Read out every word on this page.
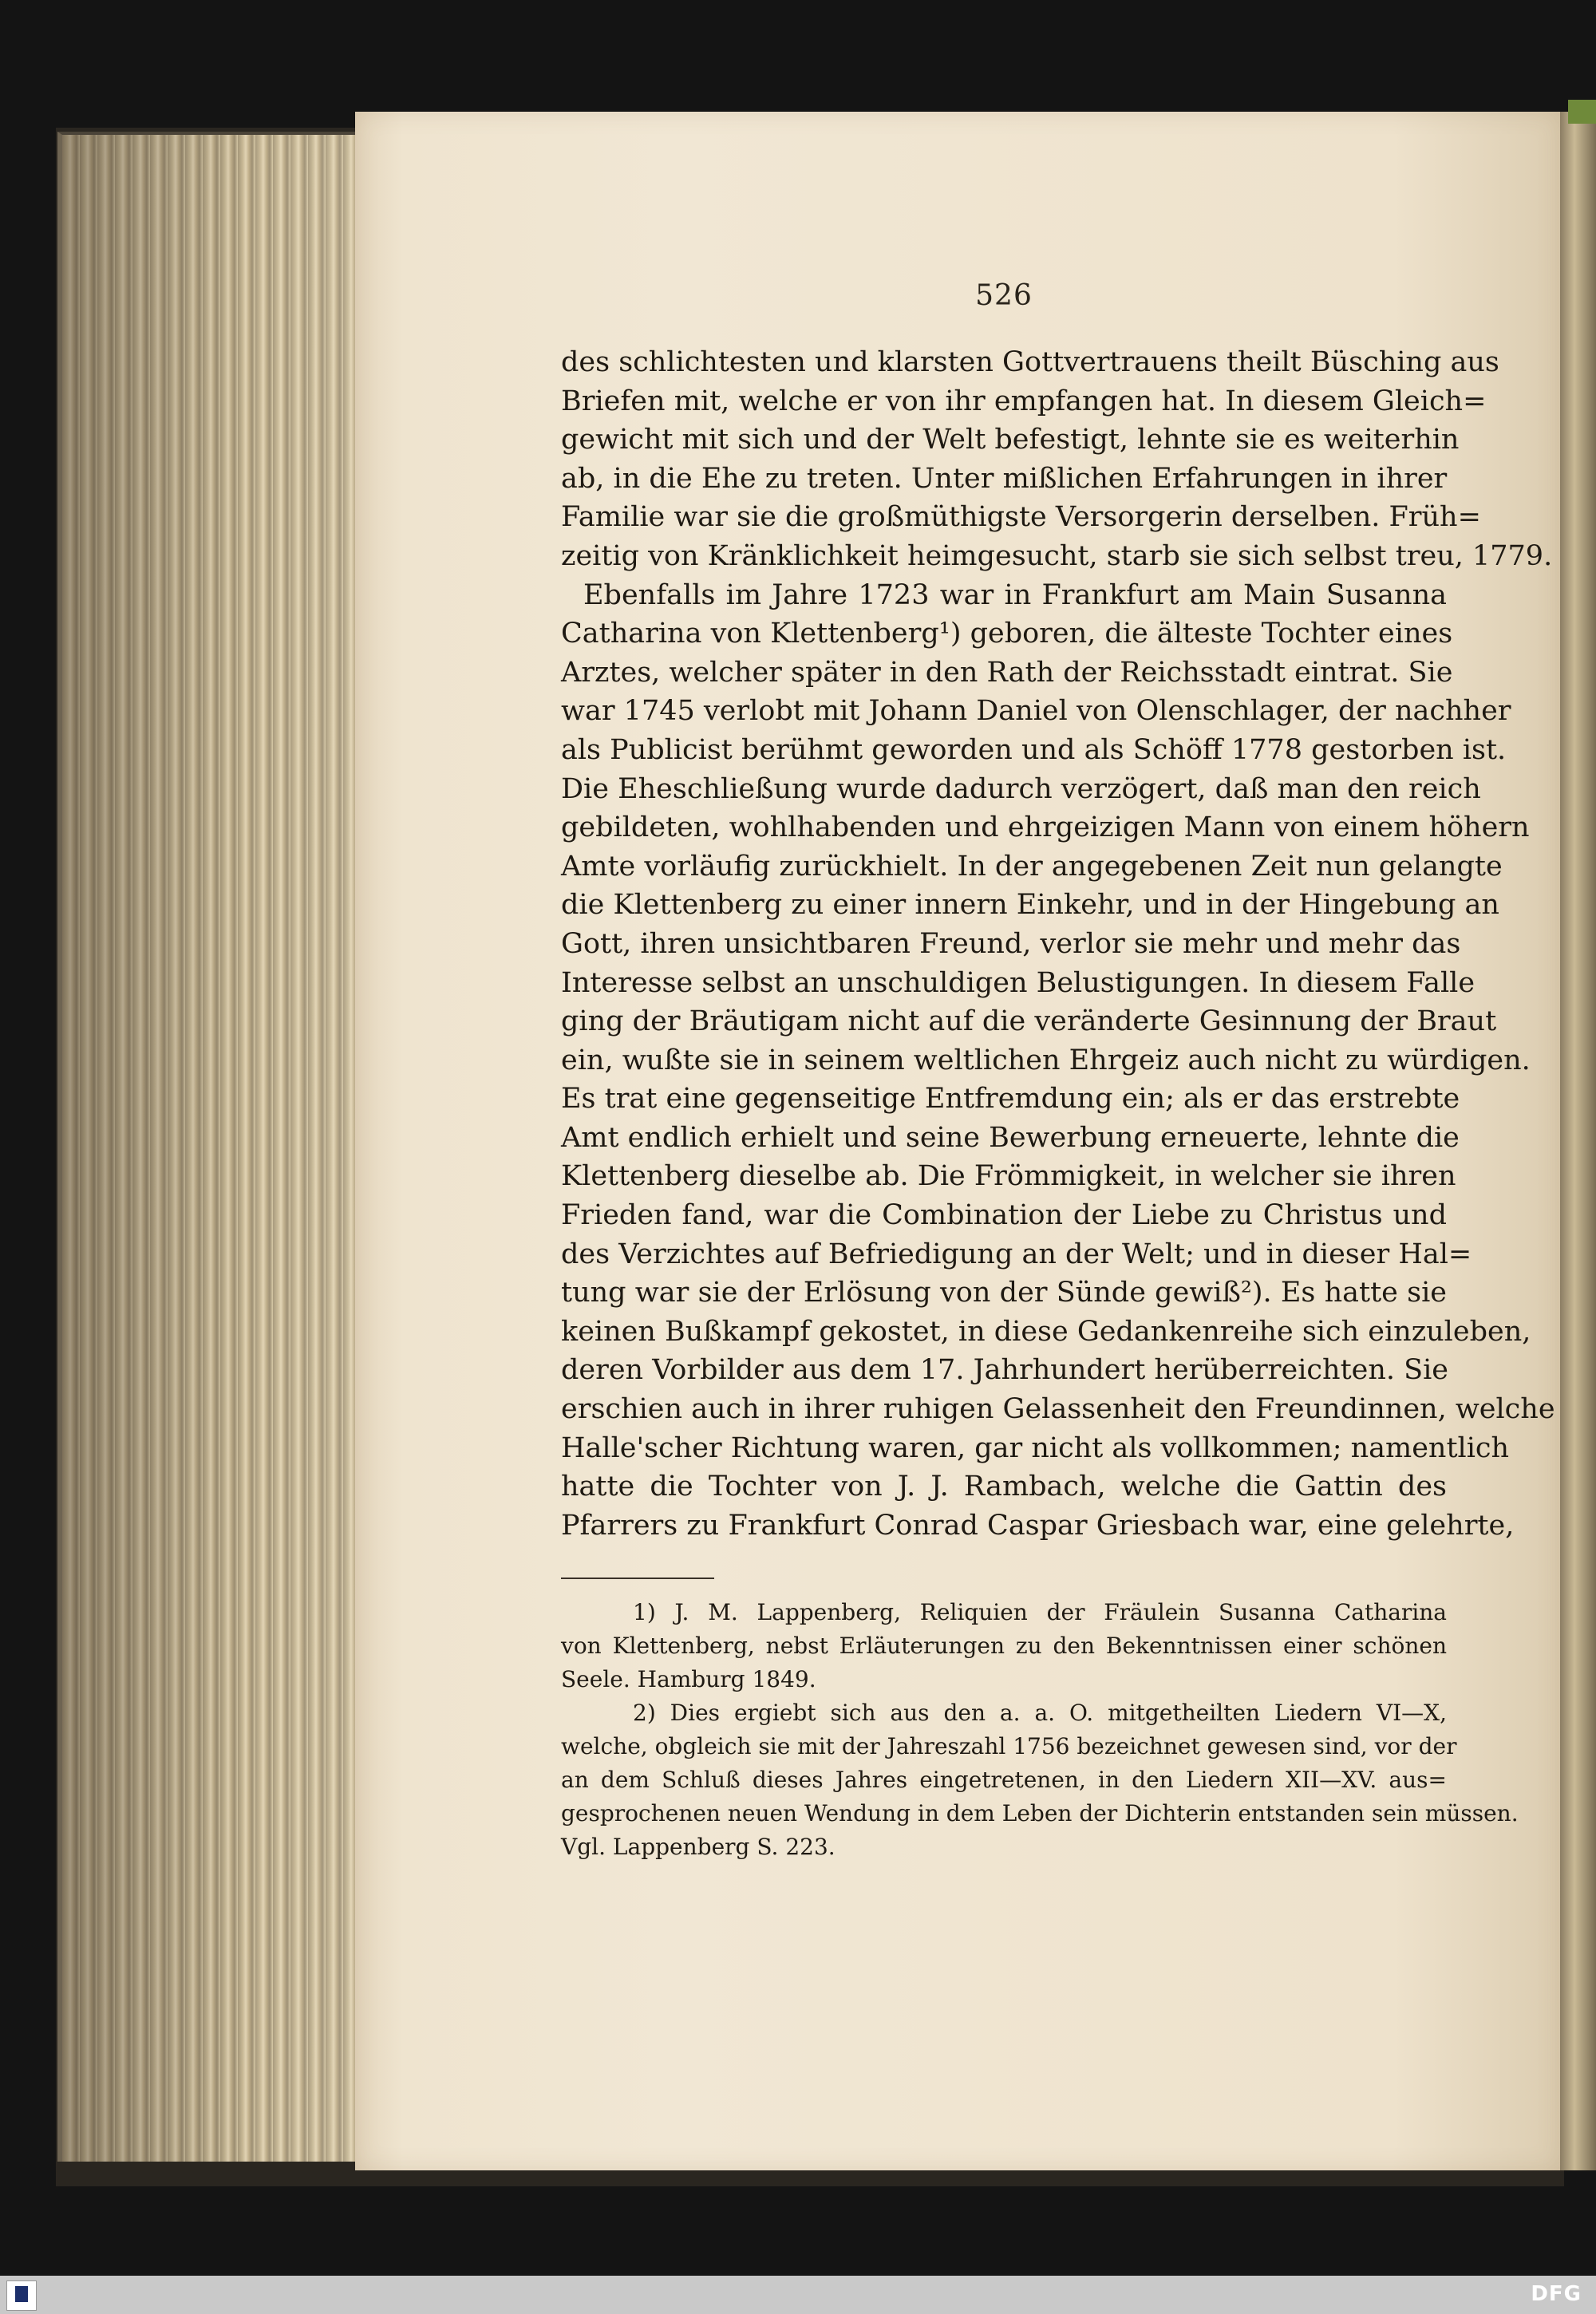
526
des schlichtesten und klarsten Gottvertrauens theilt Büsching aus
Briefen mit, welche er von ihr empfangen hat. In diesem Gleich=
gewicht mit sich und der Welt befestigt, lehnte sie es weiterhin
ab, in die Ehe zu treten. Unter mißlichen Erfahrungen in ihrer
Familie war sie die großmüthigste Versorgerin derselben. Früh=
zeitig von Kränklichkeit heimgesucht, starb sie sich selbst treu, 1779.
Ebenfalls im Jahre 1723 war in Frankfurt am Main Susanna
Catharina von Klettenberg¹) geboren, die älteste Tochter eines
Arztes, welcher später in den Rath der Reichsstadt eintrat. Sie
war 1745 verlobt mit Johann Daniel von Olenschlager, der nachher
als Publicist berühmt geworden und als Schöff 1778 gestorben ist.
Die Eheschließung wurde dadurch verzögert, daß man den reich
gebildeten, wohlhabenden und ehrgeizigen Mann von einem höhern
Amte vorläufig zurückhielt. In der angegebenen Zeit nun gelangte
die Klettenberg zu einer innern Einkehr, und in der Hingebung an
Gott, ihren unsichtbaren Freund, verlor sie mehr und mehr das
Interesse selbst an unschuldigen Belustigungen. In diesem Falle
ging der Bräutigam nicht auf die veränderte Gesinnung der Braut
ein, wußte sie in seinem weltlichen Ehrgeiz auch nicht zu würdigen.
Es trat eine gegenseitige Entfremdung ein; als er das erstrebte
Amt endlich erhielt und seine Bewerbung erneuerte, lehnte die
Klettenberg dieselbe ab. Die Frömmigkeit, in welcher sie ihren
Frieden fand, war die Combination der Liebe zu Christus und
des Verzichtes auf Befriedigung an der Welt; und in dieser Hal=
tung war sie der Erlösung von der Sünde gewiß²). Es hatte sie
keinen Bußkampf gekostet, in diese Gedankenreihe sich einzuleben,
deren Vorbilder aus dem 17. Jahrhundert herüberreichten. Sie
erschien auch in ihrer ruhigen Gelassenheit den Freundinnen, welche
Halle'scher Richtung waren, gar nicht als vollkommen; namentlich
hatte die Tochter von J. J. Rambach, welche die Gattin des
Pfarrers zu Frankfurt Conrad Caspar Griesbach war, eine gelehrte,
1) J. M. Lappenberg, Reliquien der Fräulein Susanna Catharina
von Klettenberg, nebst Erläuterungen zu den Bekenntnissen einer schönen
Seele. Hamburg 1849.
2) Dies ergiebt sich aus den a. a. O. mitgetheilten Liedern VI—X,
welche, obgleich sie mit der Jahreszahl 1756 bezeichnet gewesen sind, vor der
an dem Schluß dieses Jahres eingetretenen, in den Liedern XII—XV. aus=
gesprochenen neuen Wendung in dem Leben der Dichterin entstanden sein müssen.
Vgl. Lappenberg S. 223.
DFG
